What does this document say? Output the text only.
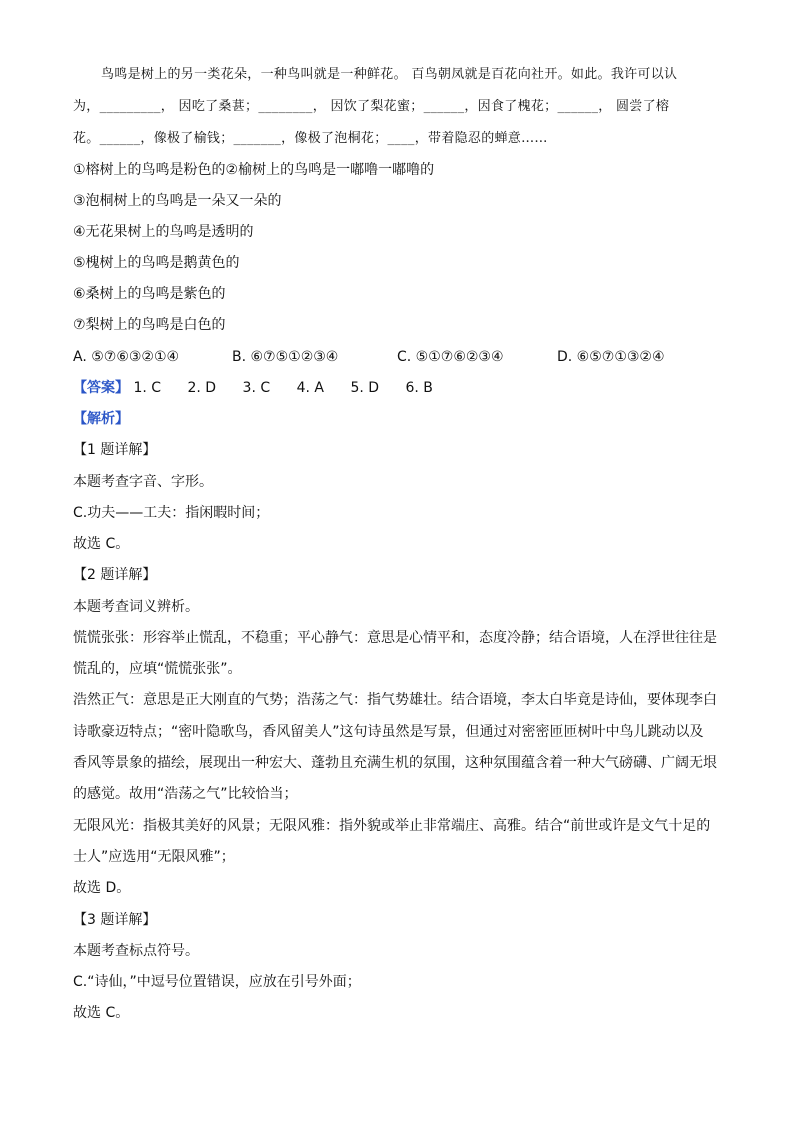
鸟鸣是树上的另一类花朵，一种鸟叫就是一种鲜花。 百鸟朝凤就是百花向社开。如此。我许可以认
为，_________， 因吃了桑葚；________， 因饮了梨花蜜；______，因食了槐花；______， 圆尝了榕
花。______，像极了榆钱；_______，像极了泡桐花；____，带着隐忍的蝉意……
①榕树上的鸟鸣是粉色的②榆树上的鸟鸣是一嘟噜一嘟噜的
③泡桐树上的鸟鸣是一朵又一朵的
④无花果树上的鸟鸣是透明的
⑤槐树上的鸟鸣是鹅黄色的
⑥桑树上的鸟鸣是紫色的
⑦梨树上的鸟鸣是白色的
A. ⑤⑦⑥③②①④	B. ⑥⑦⑤①②③④	C. ⑤①⑦⑥②③④	D. ⑥⑤⑦①③②④
【答案】 1. C 2. D 3. C 4. A 5. D 6. B
【解析】
【1 题详解】
本题考查字音、字形。
C.功夫——工夫：指闲暇时间；
故选 C。
【2 题详解】
本题考查词义辨析。
慌慌张张：形容举止慌乱，不稳重；平心静气：意思是心情平和，态度冷静；结合语境，人在浮世往往是
慌乱的，应填“慌慌张张”。
浩然正气：意思是正大刚直的气势；浩荡之气：指气势雄壮。结合语境，李太白毕竟是诗仙，要体现李白
诗歌豪迈特点；“密叶隐歌鸟，香风留美人”这句诗虽然是写景，但通过对密密匝匝树叶中鸟儿跳动以及
香风等景象的描绘，展现出一种宏大、蓬勃且充满生机的氛围，这种氛围蕴含着一种大气磅礴、广阔无垠
的感觉。故用“浩荡之气”比较恰当；
无限风光：指极其美好的风景；无限风雅：指外貌或举止非常端庄、高雅。结合“前世或许是文气十足的
士人”应选用“无限风雅”；
故选 D。
【3 题详解】
本题考查标点符号。
C.“诗仙，”中逗号位置错误，应放在引号外面；
故选 C。
